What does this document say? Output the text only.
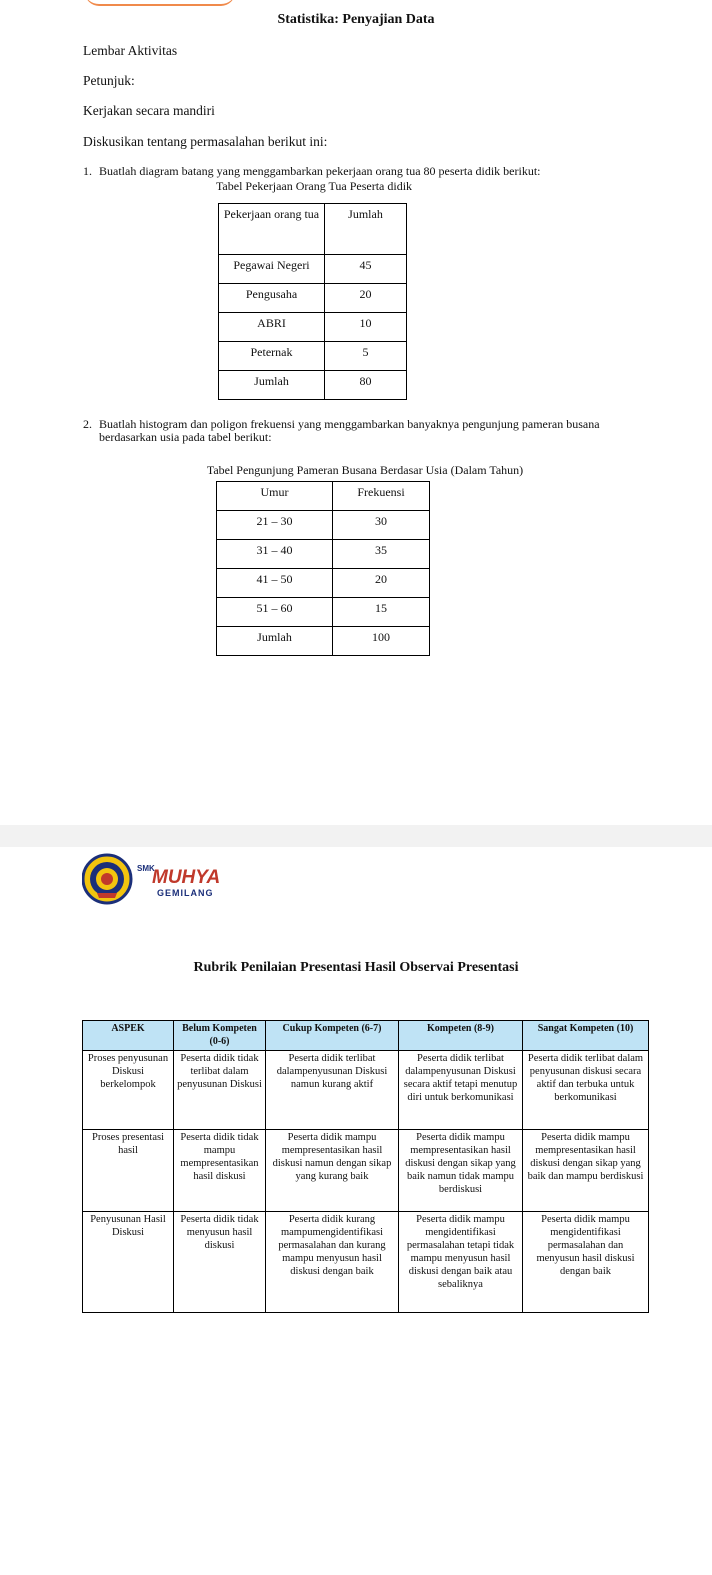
Statistika: Penyajian Data
Lembar Aktivitas
Petunjuk:
Kerjakan secara mandiri
Diskusikan tentang permasalahan berikut ini:
1. Buatlah diagram batang yang menggambarkan pekerjaan orang tua 80 peserta didik berikut:
Tabel Pekerjaan Orang Tua Peserta didik
Pekerjaan orang tua	Jumlah
Pegawai Negeri	45
Pengusaha	20
ABRI	10
Peternak	5
Jumlah	80
2. Buatlah histogram dan poligon frekuensi yang menggambarkan banyaknya pengunjung pameran busana berdasarkan usia pada tabel berikut:
Tabel Pengunjung Pameran Busana Berdasar Usia (Dalam Tahun)
Umur	Frekuensi
21 – 30	30
31 – 40	35
41 – 50	20
51 – 60	15
Jumlah	100
SMK
MUHYA
GEMILANG
Rubrik Penilaian Presentasi Hasil Observai Presentasi
ASPEK	Belum Kompeten (0-6)	Cukup Kompeten (6-7)	Kompeten (8-9)	Sangat Kompeten (10)
Proses penyusunan Diskusi berkelompok	Peserta didik tidak terlibat dalam penyusunan Diskusi	Peserta didik terlibat dalampenyusunan Diskusi namun kurang aktif	Peserta didik terlibat dalampenyusunan Diskusi secara aktif tetapi menutup diri untuk berkomunikasi	Peserta didik terlibat dalam penyusunan diskusi secara aktif dan terbuka untuk berkomunikasi
Proses presentasi hasil	Peserta didik tidak mampu mempresentasikan hasil diskusi	Peserta didik mampu mempresentasikan hasil diskusi namun dengan sikap yang kurang baik	Peserta didik mampu mempresentasikan hasil diskusi dengan sikap yang baik namun tidak mampu berdiskusi	Peserta didik mampu mempresentasikan hasil diskusi dengan sikap yang baik dan mampu berdiskusi
Penyusunan Hasil Diskusi	Peserta didik tidak menyusun hasil diskusi	Peserta didik kurang mampumengidentifikasi permasalahan dan kurang mampu menyusun hasil diskusi dengan baik	Peserta didik mampu mengidentifikasi permasalahan tetapi tidak mampu menyusun hasil diskusi dengan baik atau sebaliknya	Peserta didik mampu mengidentifikasi permasalahan dan menyusun hasil diskusi dengan baik
